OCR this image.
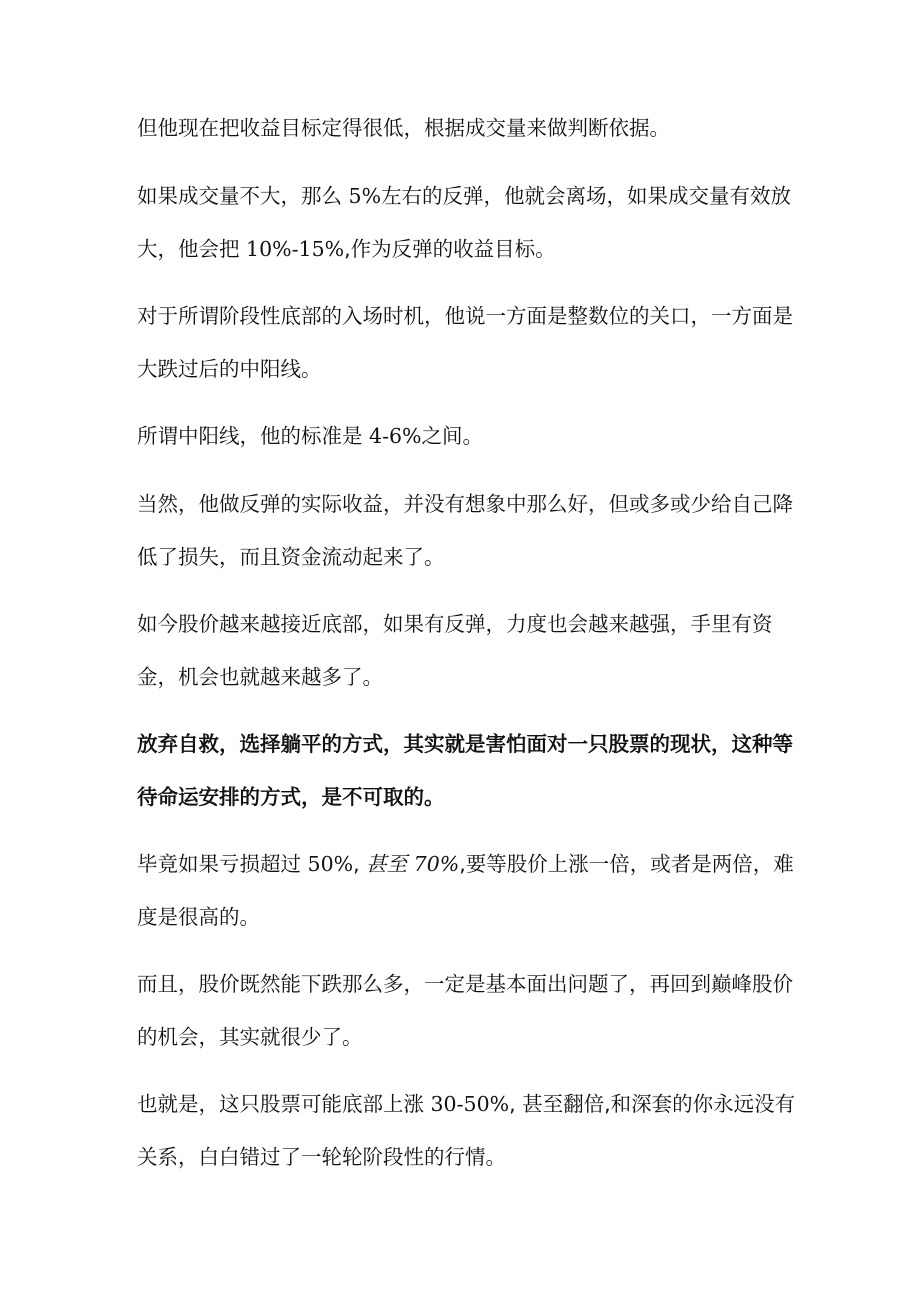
但他现在把收益目标定得很低，根据成交量来做判断依据。
如果成交量不大，那么 5%左右的反弹，他就会离场，如果成交量有效放
大，他会把 10%-15%,作为反弹的收益目标。
对于所谓阶段性底部的入场时机，他说一方面是整数位的关口，一方面是
大跌过后的中阳线。
所谓中阳线，他的标准是 4-6%之间。
当然，他做反弹的实际收益，并没有想象中那么好，但或多或少给自己降
低了损失，而且资金流动起来了。
如今股价越来越接近底部，如果有反弹，力度也会越来越强，手里有资
金，机会也就越来越多了。
放弃自救，选择躺平的方式，其实就是害怕面对一只股票的现状，这种等
待命运安排的方式，是不可取的。
毕竟如果亏损超过 50%, 甚至 70%,要等股价上涨一倍，或者是两倍，难
度是很高的。
而且，股价既然能下跌那么多，一定是基本面出问题了，再回到巅峰股价
的机会，其实就很少了。
也就是，这只股票可能底部上涨 30-50%, 甚至翻倍,和深套的你永远没有
关系，白白错过了一轮轮阶段性的行情。
